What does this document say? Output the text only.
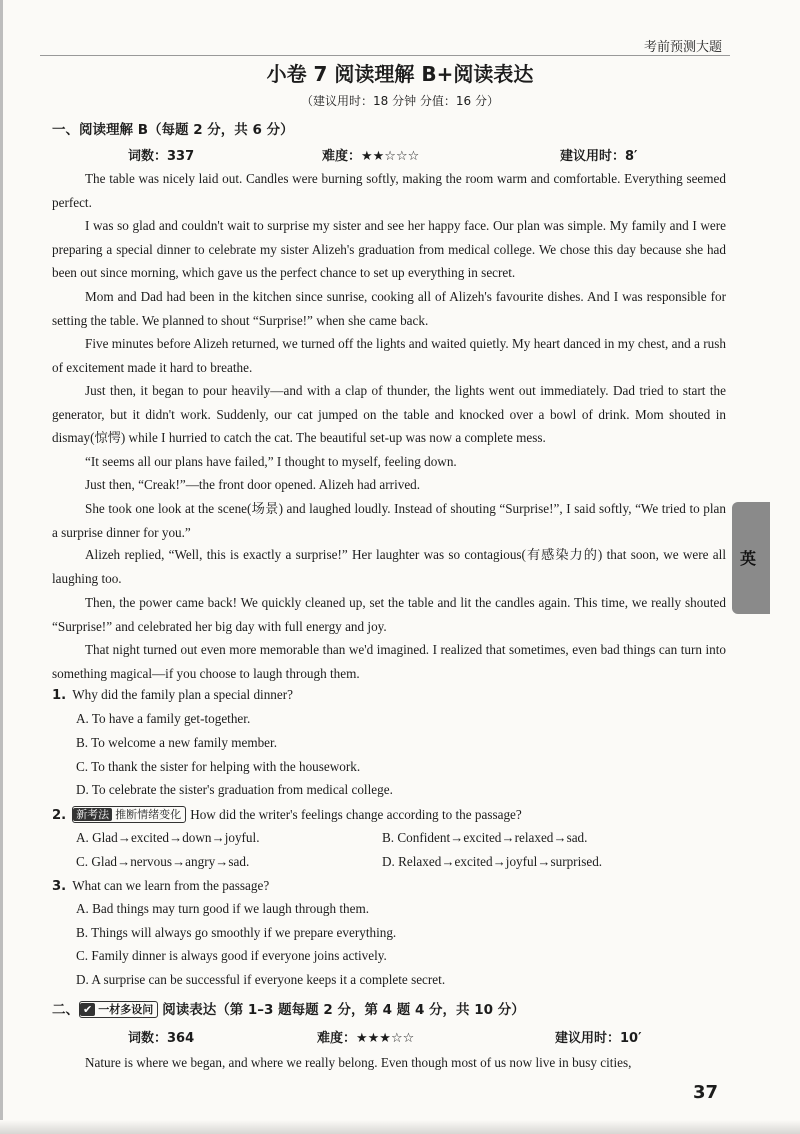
考前预测大题
小卷 7 阅读理解 B+阅读表达
（建议用时：18 分钟 分值：16 分）
一、阅读理解 B（每题 2 分，共 6 分）
词数：337	难度：★★☆☆☆	建议用时：8′

The table was nicely laid out. Candles were burning softly, making the room warm and comfortable. Everything seemed perfect.

I was so glad and couldn't wait to surprise my sister and see her happy face. Our plan was simple. My family and I were preparing a special dinner to celebrate my sister Alizeh's graduation from medical college. We chose this day because she had been out since morning, which gave us the perfect chance to set up everything in secret.

Mom and Dad had been in the kitchen since sunrise, cooking all of Alizeh's favourite dishes. And I was responsible for setting the table. We planned to shout “Surprise!” when she came back.

Five minutes before Alizeh returned, we turned off the lights and waited quietly. My heart danced in my chest, and a rush of excitement made it hard to breathe.

Just then, it began to pour heavily—and with a clap of thunder, the lights went out immediately. Dad tried to start the generator, but it didn't work. Suddenly, our cat jumped on the table and knocked over a bowl of drink. Mom shouted in dismay(惊愕) while I hurried to catch the cat. The beautiful set-up was now a complete mess.

“It seems all our plans have failed,” I thought to myself, feeling down.

Just then, “Creak!”—the front door opened. Alizeh had arrived.

She took one look at the scene(场景) and laughed loudly. Instead of shouting “Surprise!”, I said softly, “We tried to plan a surprise dinner for you.”

Alizeh replied, “Well, this is exactly a surprise!” Her laughter was so contagious(有感染力的) that soon, we were all laughing too.

Then, the power came back! We quickly cleaned up, set the table and lit the candles again. This time, we really shouted “Surprise!” and celebrated her big day with full energy and joy.

That night turned out even more memorable than we'd imagined. I realized that sometimes, even bad things can turn into something magical—if you choose to laugh through them.

1. Why did the family plan a special dinner?
A. To have a family get-together.
B. To welcome a new family member.
C. To thank the sister for helping with the housework.
D. To celebrate the sister's graduation from medical college.
2. 新考法 推断情绪变化 How did the writer's feelings change according to the passage?
A. Glad→excited→down→joyful.	B. Confident→excited→relaxed→sad.
C. Glad→nervous→angry→sad.	D. Relaxed→excited→joyful→surprised.
3. What can we learn from the passage?
A. Bad things may turn good if we laugh through them.
B. Things will always go smoothly if we prepare everything.
C. Family dinner is always good if everyone joins actively.
D. A surprise can be successful if everyone keeps it a complete secret.
二、 ✔ 一材多设问 阅读表达（第 1–3 题每题 2 分，第 4 题 4 分，共 10 分）
词数：364	难度：★★★☆☆	建议用时：10′

Nature is where we began, and where we really belong. Even though most of us now live in busy cities,

英
37
